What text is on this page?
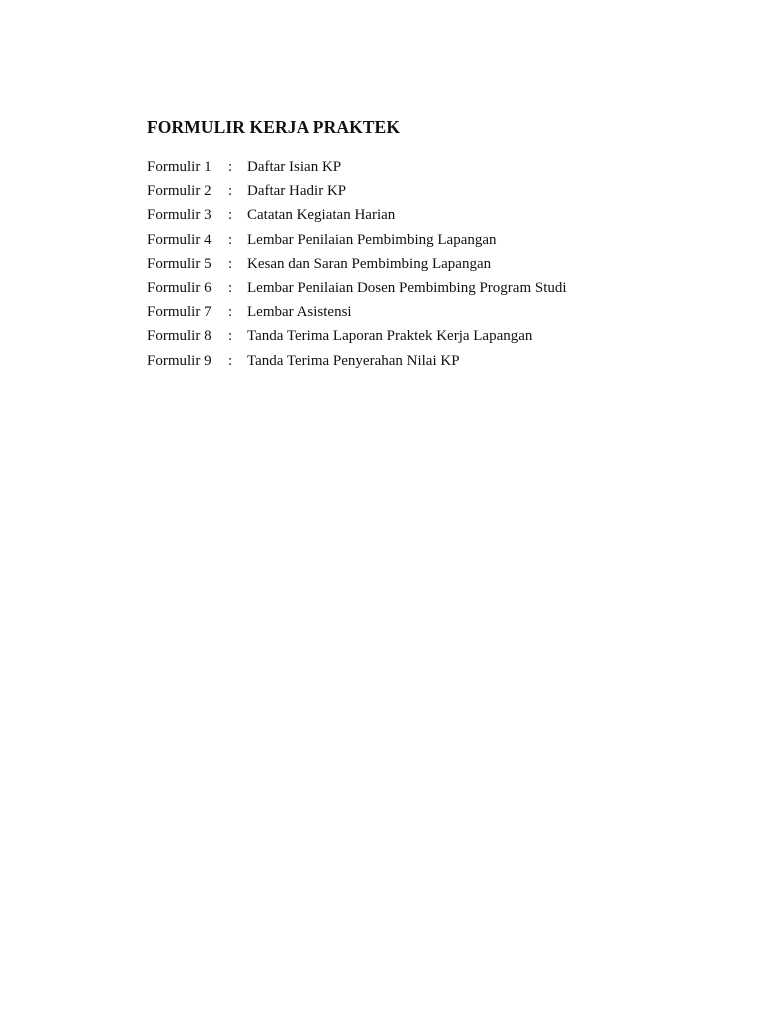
FORMULIR KERJA PRAKTEK
Formulir 1 : Daftar Isian KP
Formulir 2 : Daftar Hadir KP
Formulir 3 : Catatan Kegiatan Harian
Formulir 4 : Lembar Penilaian Pembimbing Lapangan
Formulir 5 : Kesan dan Saran Pembimbing Lapangan
Formulir 6 : Lembar Penilaian Dosen Pembimbing Program Studi
Formulir 7 : Lembar Asistensi
Formulir 8 : Tanda Terima Laporan Praktek Kerja Lapangan
Formulir 9 : Tanda Terima Penyerahan Nilai KP
